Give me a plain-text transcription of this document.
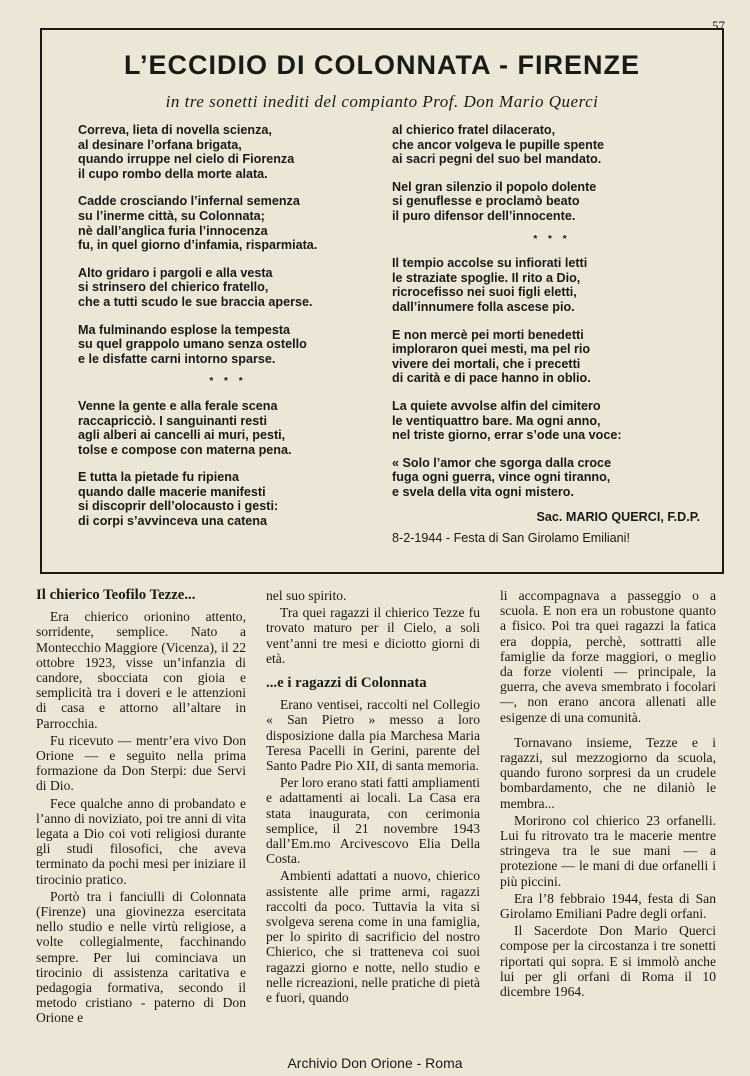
57
L’ECCIDIO DI COLONNATA - FIRENZE
in tre sonetti inediti del compianto Prof. Don Mario Querci
Correva, lieta di novella scienza,
al desinare l’orfana brigata,
quando irruppe nel cielo di Fiorenza
il cupo rombo della morte alata.
Cadde crosciando l’infernal semenza
su l’inerme città, su Colonnata;
nè dall’anglica furia l’innocenza
fu, in quel giorno d’infamia, risparmiata.
Alto gridaro i pargoli e alla vesta
si strinsero del chierico fratello,
che a tutti scudo le sue braccia aperse.
Ma fulminando esplose la tempesta
su quel grappolo umano senza ostello
e le disfatte carni intorno sparse.
* * *
Venne la gente e alla ferale scena
raccapricciò. I sanguinanti resti
agli alberi ai cancelli ai muri, pesti,
tolse e compose con materna pena.
E tutta la pietade fu ripiena
quando dalle macerie manifesti
si discoprir dell’olocausto i gesti:
di corpi s’avvinceva una catena
al chierico fratel dilacerato,
che ancor volgeva le pupille spente
ai sacri pegni del suo bel mandato.
Nel gran silenzio il popolo dolente
si genuflesse e proclamò beato
il puro difensor dell’innocente.
* * *
Il tempio accolse su infiorati letti
le straziate spoglie. Il rito a Dio,
ricrocefisso nei suoi figli eletti,
dall’innumere folla ascese pio.
E non mercè pei morti benedetti
imploraron quei mesti, ma pel rio
vivere dei mortali, che i precetti
di carità e di pace hanno in oblio.
La quiete avvolse alfin del cimitero
le ventiquattro bare. Ma ogni anno,
nel triste giorno, errar s’ode una voce:
« Solo l’amor che sgorga dalla croce
fuga ogni guerra, vince ogni tiranno,
e svela della vita ogni mistero.
Sac. MARIO QUERCI, F.D.P.
8-2-1944 - Festa di San Girolamo Emiliani!
Il chierico Teofilo Tezze...

Era chierico orionino attento, sorridente, semplice. Nato a Montecchio Maggiore (Vicenza), il 22 ottobre 1923, visse un’infanzia di candore, sbocciata con gioia e semplicità tra i doveri e le attenzioni di casa e attorno all’altare in Parrocchia.

Fu ricevuto — mentr’era vivo Don Orione — e seguito nella prima formazione da Don Sterpi: due Servi di Dio.

Fece qualche anno di probandato e l’anno di noviziato, poi tre anni di vita legata a Dio coi voti religiosi durante gli studi filosofici, che aveva terminato da pochi mesi per iniziare il tirocinio pratico.

Portò tra i fanciulli di Colonnata (Firenze) una giovinezza esercitata nello studio e nelle virtù religiose, a volte collegialmente, facchinando sempre. Per lui cominciava un tirocinio di assistenza caritativa e pedagogia formativa, secondo il metodo cristiano - paterno di Don Orione e

nel suo spirito.

Tra quei ragazzi il chierico Tezze fu trovato maturo per il Cielo, a soli vent’anni tre mesi e diciotto giorni di età.

...e i ragazzi di Colonnata

Erano ventisei, raccolti nel Collegio « San Pietro » messo a loro disposizione dalla pia Marchesa Maria Teresa Pacelli in Gerini, parente del Santo Padre Pio XII, di santa memoria.

Per loro erano stati fatti ampliamenti e adattamenti ai locali. La Casa era stata inaugurata, con cerimonia semplice, il 21 novembre 1943 dall’Em.mo Arcivescovo Elia Della Costa.

Ambienti adattati a nuovo, chierico assistente alle prime armi, ragazzi raccolti da poco. Tuttavia la vita si svolgeva serena come in una famiglia, per lo spirito di sacrificio del nostro Chierico, che si tratteneva coi suoi ragazzi giorno e notte, nello studio e nelle ricreazioni, nelle pratiche di pietà e fuori, quando

li accompagnava a passeggio o a scuola. E non era un robustone quanto a fisico. Poi tra quei ragazzi la fatica era doppia, perchè, sottratti alle famiglie da forze maggiori, o meglio da forze violenti — principale, la guerra, che aveva smembrato i focolari —, non erano ancora allenati alle esigenze di una comunità.

Tornavano insieme, Tezze e i ragazzi, sul mezzogiorno da scuola, quando furono sorpresi da un crudele bombardamento, che ne dilaniò le membra...

Morirono col chierico 23 orfanelli. Lui fu ritrovato tra le macerie mentre stringeva tra le sue mani — a protezione — le mani di due orfanelli i più piccini.

Era l’8 febbraio 1944, festa di San Girolamo Emiliani Padre degli orfani.

Il Sacerdote Don Mario Querci compose per la circostanza i tre sonetti riportati qui sopra. E si immolò anche lui per gli orfani di Roma il 10 dicembre 1964.

Archivio Don Orione - Roma
